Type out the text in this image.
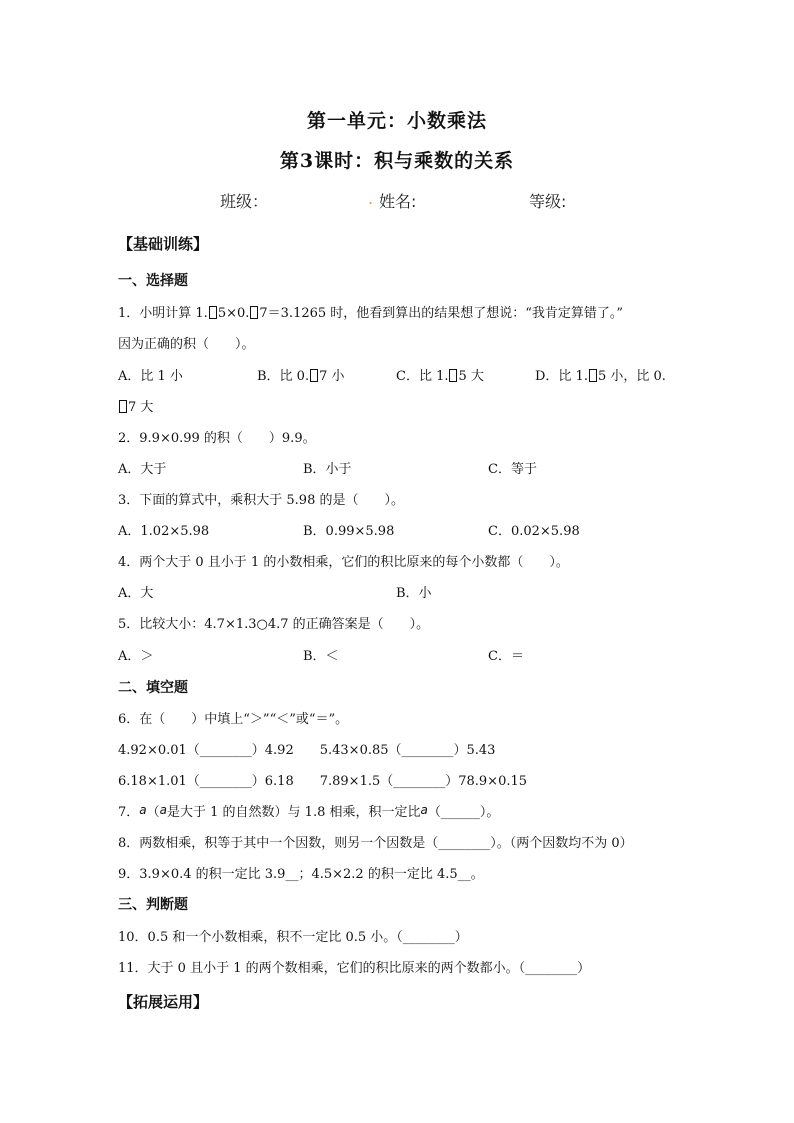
第一单元：小数乘法
第3课时：积与乘数的关系
班级：	. 姓名:	等级:
【基础训练】
一、选择题
1．小明计算 1. 5×0. 7＝3.1265 时，他看到算出的结果想了想说：“我肯定算错了。”
因为正确的积（　　）。
A．比 1 小	B．比 0. 7 小	C．比 1. 5 大	D．比 1. 5 小，比 0.
7 大
2．9.9×0.99 的积（　　）9.9。
A．大于	B．小于	C．等于
3．下面的算式中，乘积大于 5.98 的是（　　）。
A．1.02×5.98	B．0.99×5.98	C．0.02×5.98
4．两个大于 0 且小于 1 的小数相乘，它们的积比原来的每个小数都（　　）。
A．大	B．小
5．比较大小：4.7×1.3○4.7 的正确答案是（　　）。
A．＞	B．＜	C．＝
二、填空题
6．在（　　）中填上“＞”“＜”或“＝”。
4.92×0.01（________）4.92　　5.43×0.85（________）5.43
6.18×1.01（________）6.18　　7.89×1.5（________）78.9×0.15
7．a（a是大于 1 的自然数）与 1.8 相乘，积一定比a（______）。
8．两数相乘，积等于其中一个因数，则另一个因数是（________）。（两个因数均不为 0）
9．3.9×0.4 的积一定比 3.9__；4.5×2.2 的积一定比 4.5__。
三、判断题
10．0.5 和一个小数相乘，积不一定比 0.5 小。（________）
11．大于 0 且小于 1 的两个数相乘，它们的积比原来的两个数都小。（________）
【拓展运用】
